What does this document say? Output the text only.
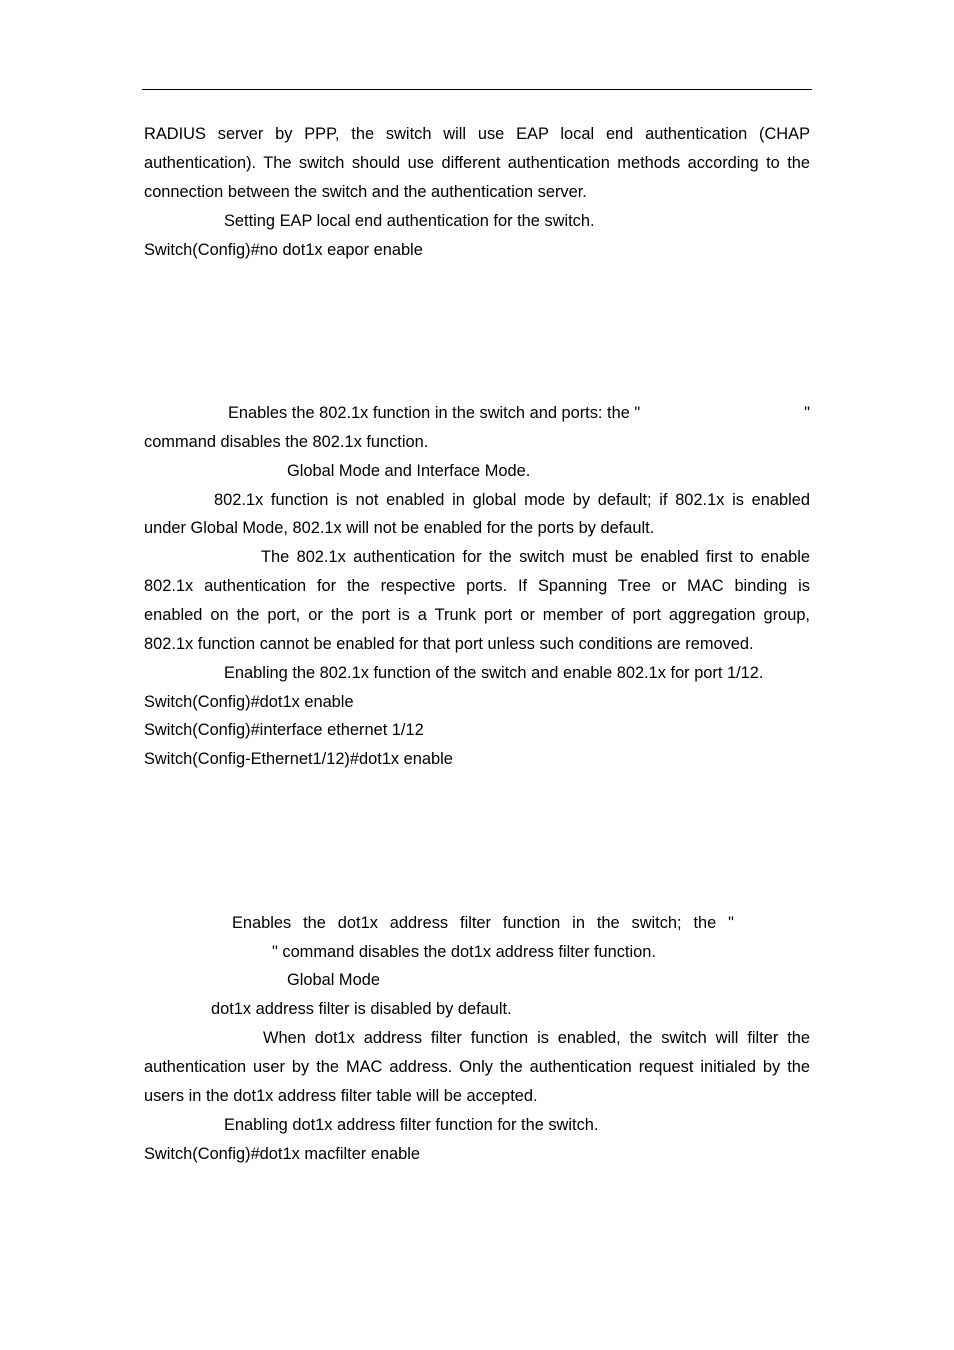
RADIUS server by PPP, the switch will use EAP local end authentication (CHAP
authentication). The switch should use different authentication methods according to the
connection between the switch and the authentication server.
Setting EAP local end authentication for the switch.
Switch(Config)#no dot1x eapor enable
Enables the 802.1x function in the switch and ports: the "	"
command disables the 802.1x function.
Global Mode and Interface Mode.
802.1x function is not enabled in global mode by default; if 802.1x is enabled
under Global Mode, 802.1x will not be enabled for the ports by default.
The 802.1x authentication for the switch must be enabled first to enable
802.1x authentication for the respective ports. If Spanning Tree or MAC binding is
enabled on the port, or the port is a Trunk port or member of port aggregation group,
802.1x function cannot be enabled for that port unless such conditions are removed.
Enabling the 802.1x function of the switch and enable 802.1x for port 1/12.
Switch(Config)#dot1x enable
Switch(Config)#interface ethernet 1/12
Switch(Config-Ethernet1/12)#dot1x enable
Enables the dot1x address filter function in the switch; the "
" command disables the dot1x address filter function.
Global Mode
dot1x address filter is disabled by default.
When dot1x address filter function is enabled, the switch will filter the
authentication user by the MAC address. Only the authentication request initialed by the
users in the dot1x address filter table will be accepted.
Enabling dot1x address filter function for the switch.
Switch(Config)#dot1x macfilter enable
